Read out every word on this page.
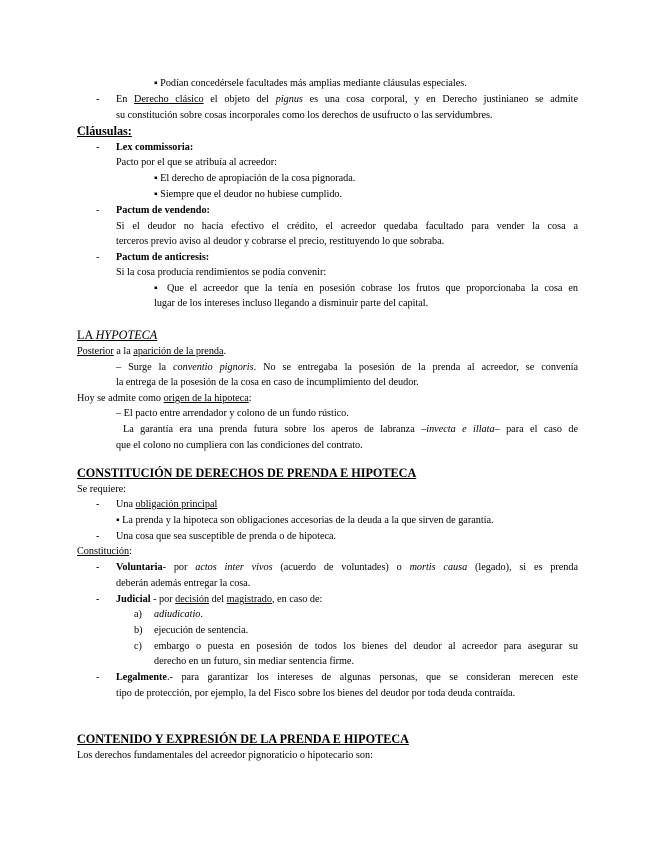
▪ Podían concedérsele facultades más amplias mediante cláusulas especiales.
- En Derecho clásico el objeto del pignus es una cosa corporal, y en Derecho justinianeo se admite
su constitución sobre cosas incorporales como los derechos de usufructo o las servidumbres.
Cláusulas:
- Lex commissoria:
Pacto por el que se atribuía al acreedor:
▪ El derecho de apropiación de la cosa pignorada.
▪ Siempre que el deudor no hubiese cumplido.
- Pactum de vendendo:
Si el deudor no hacía efectivo el crédito, el acreedor quedaba facultado para vender la cosa a
terceros previo aviso al deudor y cobrarse el precio, restituyendo lo que sobraba.
- Pactum de anticresis:
Si la cosa producía rendimientos se podía convenir:
▪ Que el acreedor que la tenía en posesión cobrase los frutos que proporcionaba la cosa en
lugar de los intereses incluso llegando a disminuir parte del capital.
LA HYPOTECA
Posterior a la aparición de la prenda.
– Surge la conventio pignoris. No se entregaba la posesión de la prenda al acreedor, se convenía
la entrega de la posesión de la cosa en caso de incumplimiento del deudor.
Hoy se admite como origen de la hipoteca:
– El pacto entre arrendador y colono de un fundo rústico.
La garantía era una prenda futura sobre los aperos de labranza –invecta e illata– para el caso de
que el colono no cumpliera con las condiciones del contrato.
CONSTITUCIÓN DE DERECHOS DE PRENDA E HIPOTECA
Se requiere:
- Una obligación principal
▪ La prenda y la hipoteca son obligaciones accesorias de la deuda a la que sirven de garantía.
- Una cosa que sea susceptible de prenda o de hipoteca.
Constitución:
- Voluntaria- por actos inter vivos (acuerdo de voluntades) o mortis causa (legado), si es prenda
deberán además entregar la cosa.
- Judicial - por decisión del magistrado, en caso de:
a) adiudicatio.
b) ejecución de sentencia.
c) embargo o puesta en posesión de todos los bienes del deudor al acreedor para asegurar su
derecho en un futuro, sin mediar sentencia firme.
- Legalmente.- para garantizar los intereses de algunas personas, que se consideran merecen este
tipo de protección, por ejemplo, la del Fisco sobre los bienes del deudor por toda deuda contraída.
CONTENIDO Y EXPRESIÓN DE LA PRENDA E HIPOTECA
Los derechos fundamentales del acreedor pignoraticio o hipotecario son:
